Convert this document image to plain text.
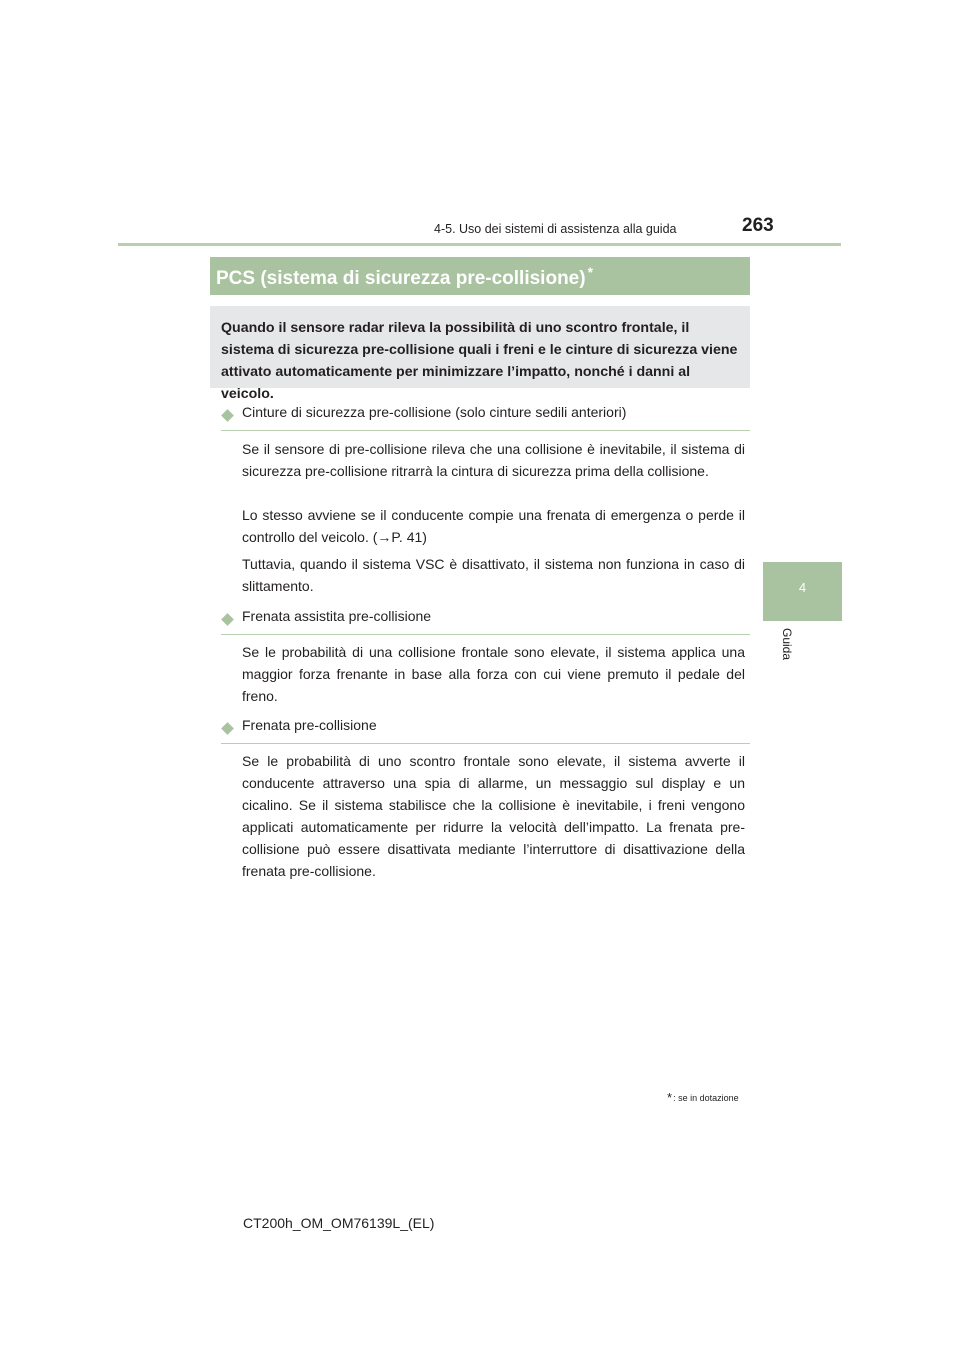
4-5. Uso dei sistemi di assistenza alla guida	263
4
Guida
PCS (sistema di sicurezza pre-collisione) *
Quando il sensore radar rileva la possibilità di uno scontro frontale, il sistema di sicurezza pre-collisione quali i freni e le cinture di sicurezza viene attivato automaticamente per minimizzare l’impatto, nonché i danni al veicolo.
Cinture di sicurezza pre-collisione (solo cinture sedili anteriori)
Se il sensore di pre-collisione rileva che una collisione è inevitabile, il sistema di sicurezza pre-collisione ritrarrà la cintura di sicurezza prima della collisione.
Lo stesso avviene se il conducente compie una frenata di emergenza o perde il controllo del veicolo. (→P. 41)
Tuttavia, quando il sistema VSC è disattivato, il sistema non funziona in caso di slittamento.
Frenata assistita pre-collisione
Se le probabilità di una collisione frontale sono elevate, il sistema applica una maggior forza frenante in base alla forza con cui viene premuto il pedale del freno.
Frenata pre-collisione
Se le probabilità di uno scontro frontale sono elevate, il sistema avverte il conducente attraverso una spia di allarme, un messaggio sul display e un cicalino. Se il sistema stabilisce che la collisione è inevitabile, i freni vengono applicati automaticamente per ridurre la velocità dell’impatto. La frenata pre-collisione può essere disattivata mediante l’interruttore di disattivazione della frenata pre-collisione.
*: se in dotazione
CT200h_OM_OM76139L_(EL)
